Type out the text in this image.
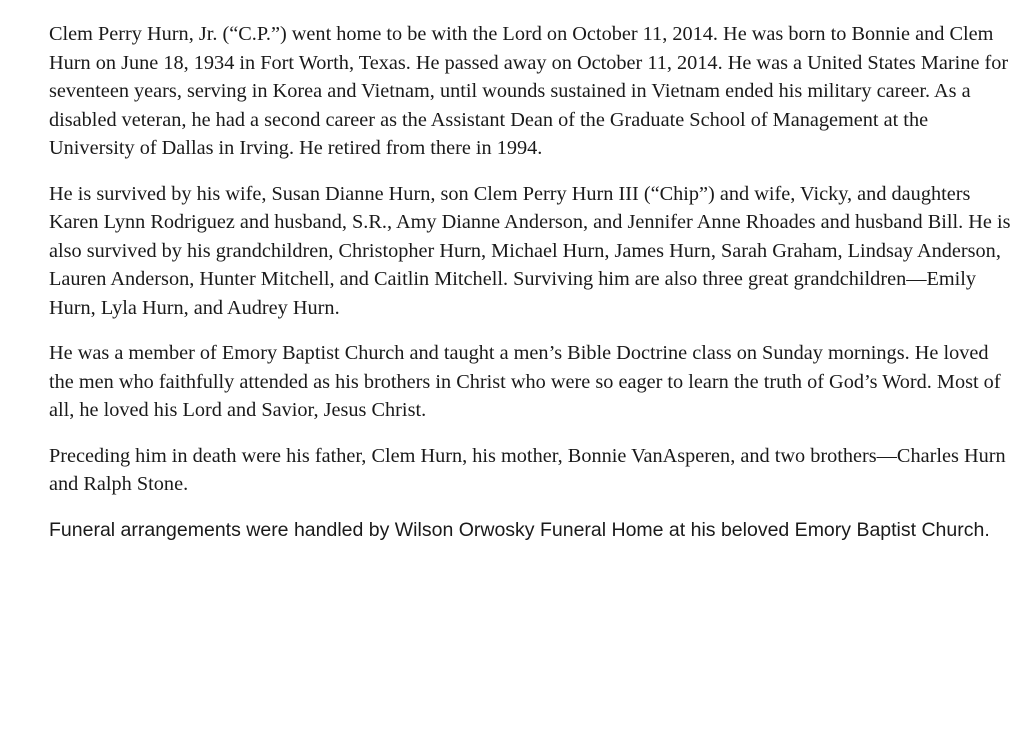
Clem Perry Hurn, Jr. (“C.P.”) went home to be with the Lord on October 11, 2014. He was born to Bonnie and Clem Hurn on June 18, 1934 in Fort Worth, Texas. He passed away on October 11, 2014. He was a United States Marine for seventeen years, serving in Korea and Vietnam, until wounds sustained in Vietnam ended his military career. As a disabled veteran, he had a second career as the Assistant Dean of the Graduate School of Management at the University of Dallas in Irving. He retired from there in 1994.

He is survived by his wife, Susan Dianne Hurn, son Clem Perry Hurn III (“Chip”) and wife, Vicky, and daughters Karen Lynn Rodriguez and husband, S.R., Amy Dianne Anderson, and Jennifer Anne Rhoades and husband Bill. He is also survived by his grandchildren, Christopher Hurn, Michael Hurn, James Hurn, Sarah Graham, Lindsay Anderson, Lauren Anderson, Hunter Mitchell, and Caitlin Mitchell. Surviving him are also three great grandchildren—Emily Hurn, Lyla Hurn, and Audrey Hurn.

He was a member of Emory Baptist Church and taught a men’s Bible Doctrine class on Sunday mornings. He loved the men who faithfully attended as his brothers in Christ who were so eager to learn the truth of God’s Word. Most of all, he loved his Lord and Savior, Jesus Christ.

Preceding him in death were his father, Clem Hurn, his mother, Bonnie VanAsperen, and two brothers—Charles Hurn and Ralph Stone.

Funeral arrangements were handled by Wilson Orwosky Funeral Home at his beloved Emory Baptist Church.
